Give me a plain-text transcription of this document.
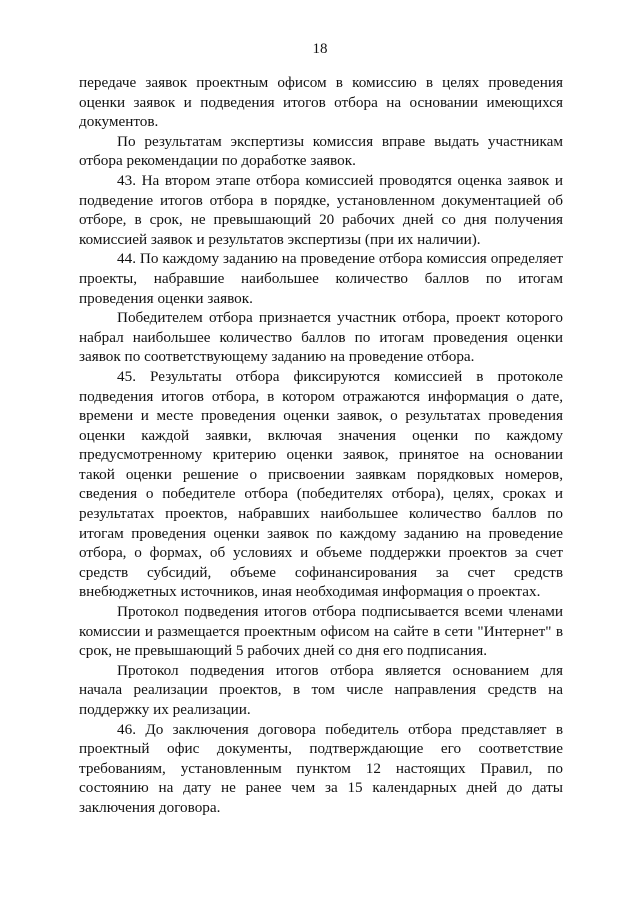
18

передаче заявок проектным офисом в комиссию в целях проведения оценки заявок и подведения итогов отбора на основании имеющихся документов.

По результатам экспертизы комиссия вправе выдать участникам отбора рекомендации по доработке заявок.

43. На втором этапе отбора комиссией проводятся оценка заявок и подведение итогов отбора в порядке, установленном документацией об отборе, в срок, не превышающий 20 рабочих дней со дня получения комиссией заявок и результатов экспертизы (при их наличии).

44. По каждому заданию на проведение отбора комиссия определяет проекты, набравшие наибольшее количество баллов по итогам проведения оценки заявок.

Победителем отбора признается участник отбора, проект которого набрал наибольшее количество баллов по итогам проведения оценки заявок по соответствующему заданию на проведение отбора.

45. Результаты отбора фиксируются комиссией в протоколе подведения итогов отбора, в котором отражаются информация о дате, времени и месте проведения оценки заявок, о результатах проведения оценки каждой заявки, включая значения оценки по каждому предусмотренному критерию оценки заявок, принятое на основании такой оценки решение о присвоении заявкам порядковых номеров, сведения о победителе отбора (победителях отбора), целях, сроках и результатах проектов, набравших наибольшее количество баллов по итогам проведения оценки заявок по каждому заданию на проведение отбора, о формах, об условиях и объеме поддержки проектов за счет средств субсидий, объеме софинансирования за счет средств внебюджетных источников, иная необходимая информация о проектах.

Протокол подведения итогов отбора подписывается всеми членами комиссии и размещается проектным офисом на сайте в сети "Интернет" в срок, не превышающий 5 рабочих дней со дня его подписания.

Протокол подведения итогов отбора является основанием для начала реализации проектов, в том числе направления средств на поддержку их реализации.

46. До заключения договора победитель отбора представляет в проектный офис документы, подтверждающие его соответствие требованиям, установленным пунктом 12 настоящих Правил, по состоянию на дату не ранее чем за 15 календарных дней до даты заключения договора.
